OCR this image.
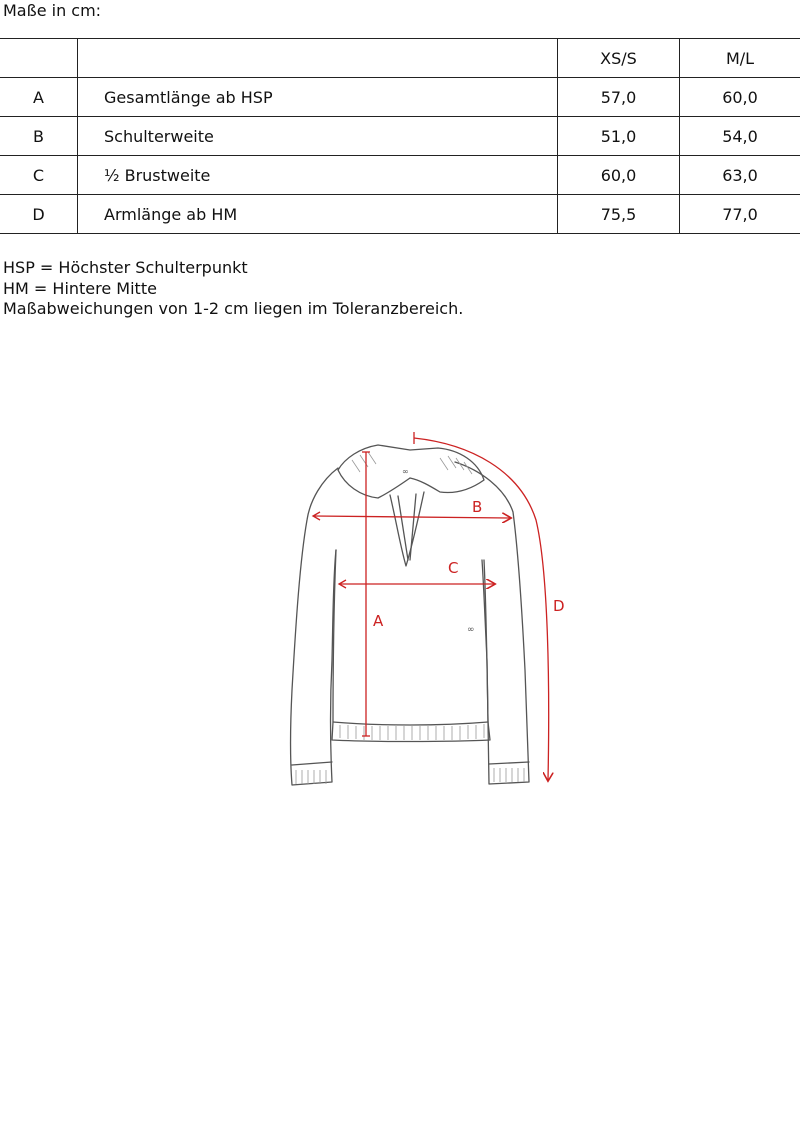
Maße in cm:
		XS/S	M/L
A	Gesamtlänge ab HSP	57,0	60,0
B	Schulterweite	51,0	54,0
C	½ Brustweite	60,0	63,0
D	Armlänge ab HM	75,5	77,0
HSP = Höchster Schulterpunkt
HM = Hintere Mitte
Maßabweichungen von 1-2 cm liegen im Toleranzbereich.
∞
∞
A
B
C
D
